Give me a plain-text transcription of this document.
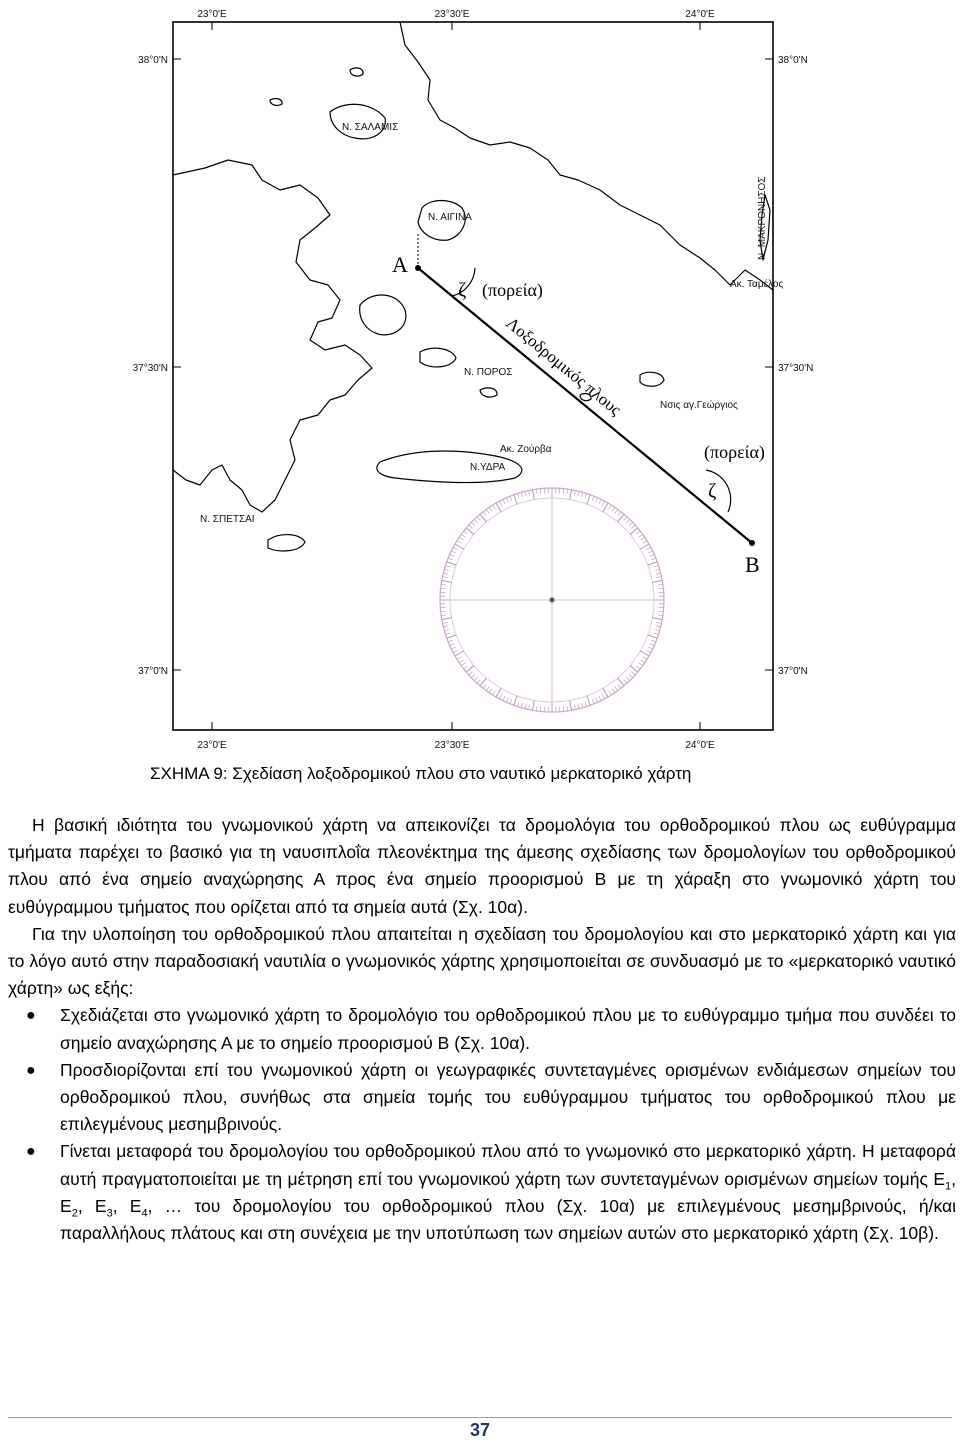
23°0'E	23°30'E	24°0'E
23°0'E	23°30'E	24°0'E
38°0'N
37°30'N
37°0'N
38°0'N
37°30'N
37°0'N
A
B
Λοξοδρομικός πλους
ζ (πορεία)
ζ
(πορεία)
Ν. ΣΑΛΑΜΙΣ
Ν. ΑΙΓΙΝΑ	Ν. ΜΑΚΡΟΝΗΣΟΣ
Ακ. Ταμέλος
Ν. ΠΟΡΟΣ
Νσις αγ.Γεώργιος
Ακ. Ζούρβα
Ν.ΥΔΡΑ
Ν. ΣΠΕΤΣΑΙ
ΣΧΗΜΑ 9: Σχεδίαση λοξοδρομικού πλου στο ναυτικό μερκατορικό χάρτη

Η βασική ιδιότητα του γνωμονικού χάρτη να απεικονίζει τα δρομολόγια του ορθοδρομικού πλου ως ευθύγραμμα τμήματα παρέχει το βασικό για τη ναυσιπλοΐα πλεονέκτημα της άμεσης σχεδίασης των δρομολογίων του ορθοδρομικού πλου από ένα σημείο αναχώρησης Α προς ένα σημείο προορισμού Β με τη χάραξη στο γνωμονικό χάρτη του ευθύγραμμου τμήματος που ορίζεται από τα σημεία αυτά (Σχ. 10α).

Για την υλοποίηση του ορθοδρομικού πλου απαιτείται η σχεδίαση του δρομολογίου και στο μερκατορικό χάρτη και για το λόγο αυτό στην παραδοσιακή ναυτιλία ο γνωμονικός χάρτης χρησιμοποιείται σε συνδυασμό με το «μερκατορικό ναυτικό χάρτη» ως εξής:

● Σχεδιάζεται στο γνωμονικό χάρτη το δρομολόγιο του ορθοδρομικού πλου με το ευθύγραμμο τμήμα που συνδέει το σημείο αναχώρησης Α με το σημείο προορισμού Β (Σχ. 10α).
● Προσδιορίζονται επί του γνωμονικού χάρτη οι γεωγραφικές συντεταγμένες ορισμένων ενδιάμεσων σημείων του ορθοδρομικού πλου, συνήθως στα σημεία τομής του ευθύγραμμου τμήματος του ορθοδρομικού πλου με επιλεγμένους μεσημβρινούς.
● Γίνεται μεταφορά του δρομολογίου του ορθοδρομικού πλου από το γνωμονικό στο μερκατορικό χάρτη. Η μεταφορά αυτή πραγματοποιείται με τη μέτρηση επί του γνωμονικού χάρτη των συντεταγμένων ορισμένων σημείων τομής $E_1$, $E_2$, $E_3$, $E_4$, … του δρομολογίου του ορθοδρομικού πλου (Σχ. 10α) με επιλεγμένους μεσημβρινούς, ή/και παραλλήλους πλάτους και στη συνέχεια με την υποτύπωση των σημείων αυτών στο μερκατορικό χάρτη (Σχ. 10β).
37
